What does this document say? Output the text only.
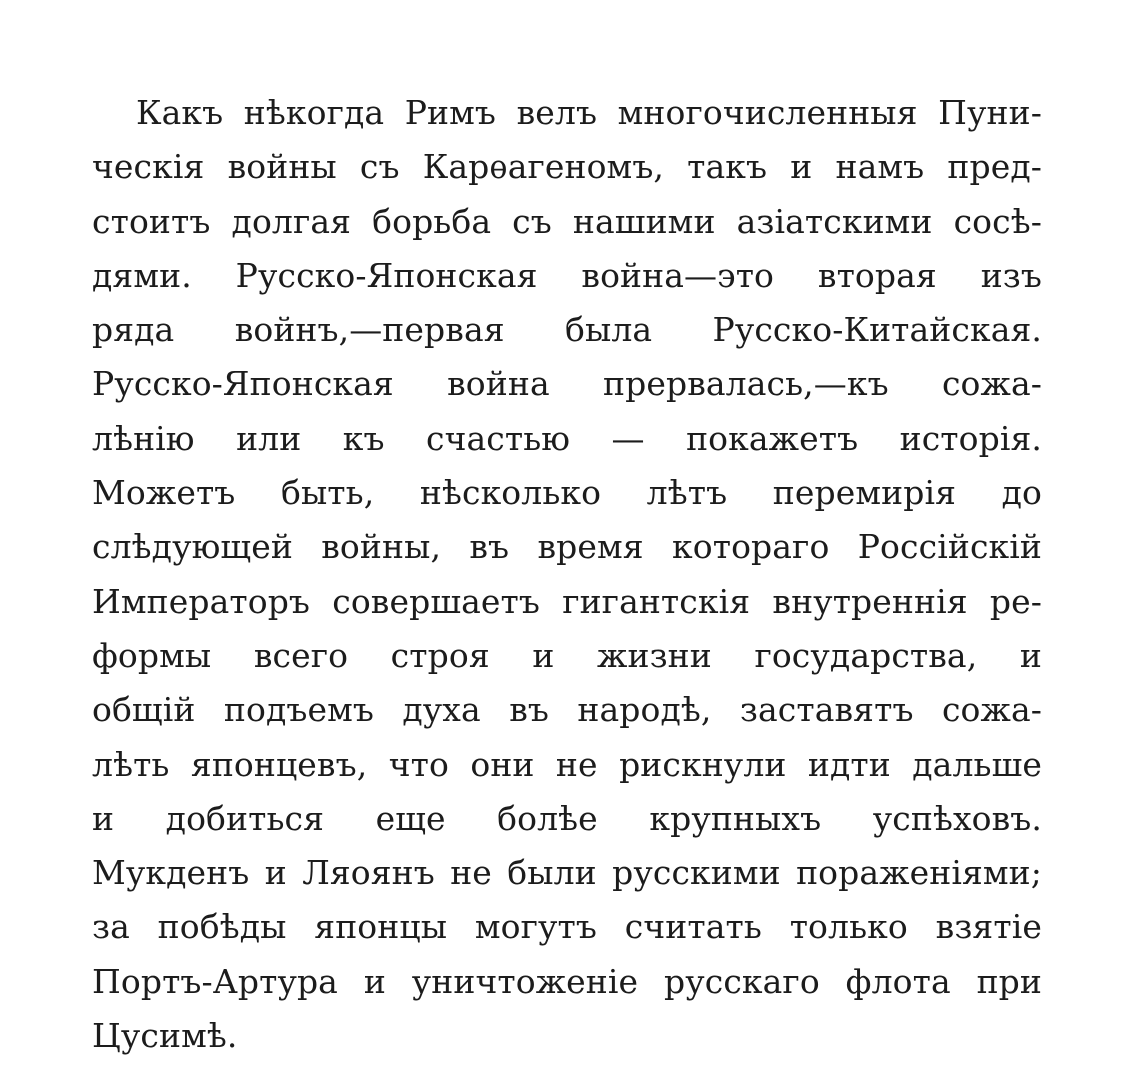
Какъ нѣкогда Римъ велъ многочисленныя Пуни-
ческія войны съ Карѳагеномъ, такъ и намъ пред-
стоитъ долгая борьба съ нашими азіатскими сосѣ-
дями. Русско-Японская война—это вторая изъ
ряда войнъ,—первая была Русско-Китайская.
Русско-Японская война прервалась,—къ сожа-
лѣнію или къ счастью — покажетъ исторія.
Можетъ быть, нѣсколько лѣтъ перемирія до
слѣдующей войны, въ время котораго Россійскій
Императоръ совершаетъ гигантскія внутреннія ре-
формы всего строя и жизни государства, и
общій подъемъ духа въ народѣ, заставятъ сожа-
лѣть японцевъ, что они не рискнули идти дальше
и добиться еще болѣе крупныхъ успѣховъ.
Мукденъ и Ляоянъ не были русскими пораженіями;
за побѣды японцы могутъ считать только взятіе
Портъ-Артура и уничтоженіе русскаго флота при
Цусимѣ.
